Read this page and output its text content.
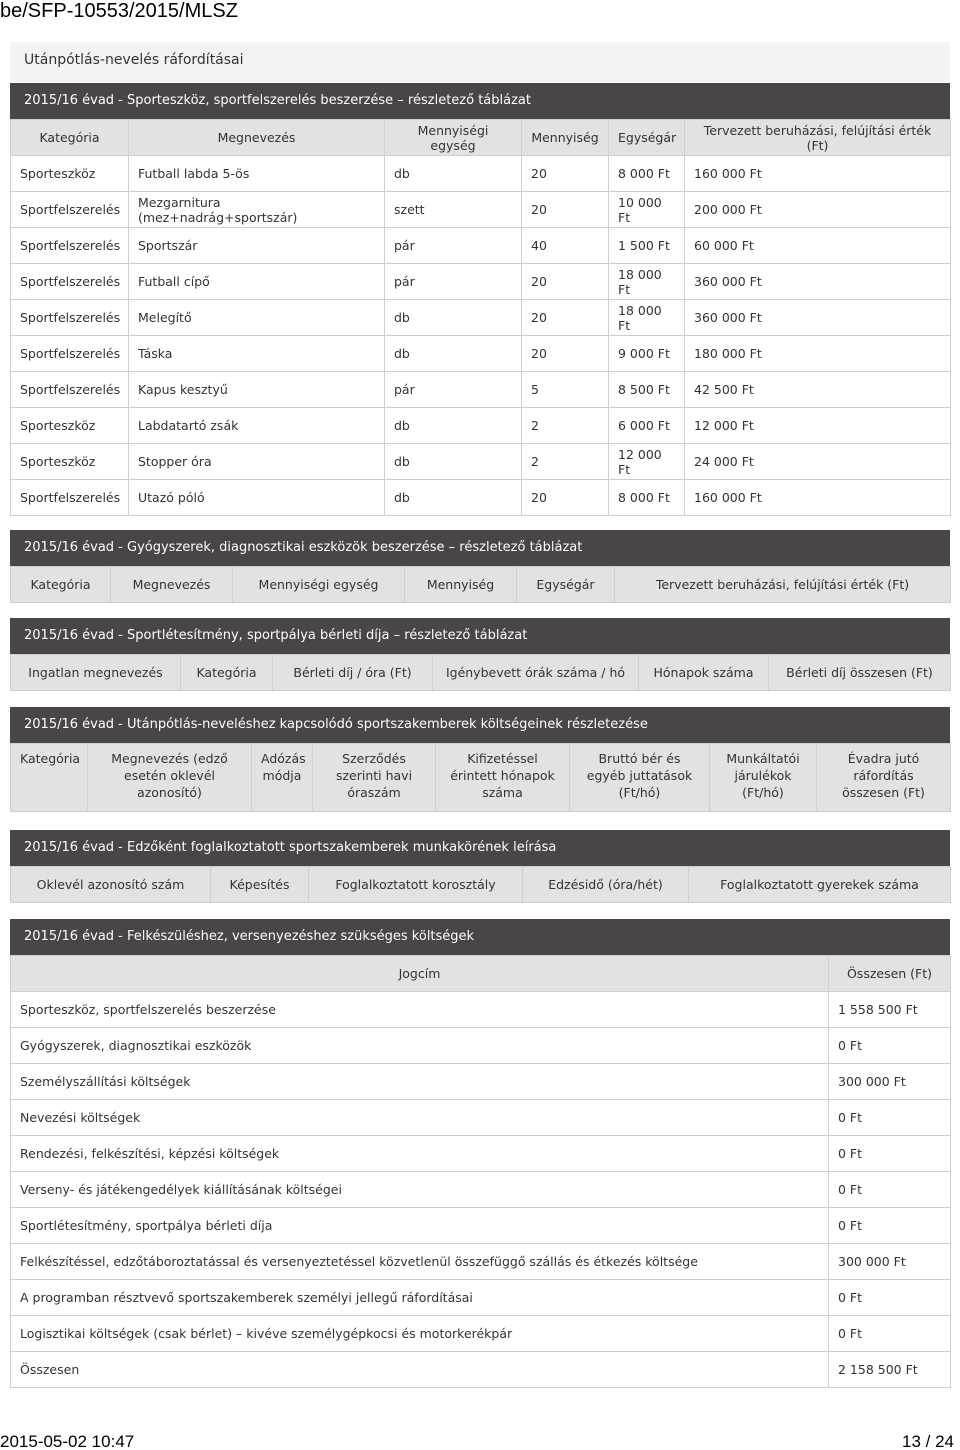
be/SFP-10553/2015/MLSZ
Utánpótlás-nevelés ráfordításai
2015/16 évad - Sporteszköz, sportfelszerelés beszerzése – részletező táblázat
Kategória	Megnevezés	Mennyiségi egység	Mennyiség	Egységár	Tervezett beruházási, felújítási érték (Ft)
Sporteszköz	Futball labda 5-ös	db	20	8 000 Ft	160 000 Ft
Sportfelszerelés	Mezgarnitura (mez+nadrág+sportszár)	szett	20	10 000 Ft	200 000 Ft
Sportfelszerelés	Sportszár	pár	40	1 500 Ft	60 000 Ft
Sportfelszerelés	Futball cípő	pár	20	18 000 Ft	360 000 Ft
Sportfelszerelés	Melegítő	db	20	18 000 Ft	360 000 Ft
Sportfelszerelés	Táska	db	20	9 000 Ft	180 000 Ft
Sportfelszerelés	Kapus kesztyű	pár	5	8 500 Ft	42 500 Ft
Sporteszköz	Labdatartó zsák	db	2	6 000 Ft	12 000 Ft
Sporteszköz	Stopper óra	db	2	12 000 Ft	24 000 Ft
Sportfelszerelés	Utazó póló	db	20	8 000 Ft	160 000 Ft
2015/16 évad - Gyógyszerek, diagnosztikai eszközök beszerzése – részletező táblázat
Kategória	Megnevezés	Mennyiségi egység	Mennyiség	Egységár	Tervezett beruházási, felújítási érték (Ft)
2015/16 évad - Sportlétesítmény, sportpálya bérleti díja – részletező táblázat
Ingatlan megnevezés	Kategória	Bérleti díj / óra (Ft)	Igénybevett órák száma / hó	Hónapok száma	Bérleti díj összesen (Ft)
2015/16 évad - Utánpótlás-neveléshez kapcsolódó sportszakemberek költségeinek részletezése
Kategória	Megnevezés (edző esetén oklevél azonosító)	Adózás módja	Szerződés szerinti havi óraszám	Kifizetéssel érintett hónapok száma	Bruttó bér és egyéb juttatások (Ft/hó)	Munkáltatói járulékok (Ft/hó)	Évadra jutó ráfordítás összesen (Ft)
2015/16 évad - Edzőként foglalkoztatott sportszakemberek munkakörének leírása
Oklevél azonosító szám	Képesítés	Foglalkoztatott korosztály	Edzésidő (óra/hét)	Foglalkoztatott gyerekek száma
2015/16 évad - Felkészüléshez, versenyezéshez szükséges költségek
Jogcím	Összesen (Ft)
Sporteszköz, sportfelszerelés beszerzése	1 558 500 Ft
Gyógyszerek, diagnosztikai eszközök	0 Ft
Személyszállítási költségek	300 000 Ft
Nevezési költségek	0 Ft
Rendezési, felkészítési, képzési költségek	0 Ft
Verseny- és játékengedélyek kiállításának költségei	0 Ft
Sportlétesítmény, sportpálya bérleti díja	0 Ft
Felkészítéssel, edzőtáboroztatással és versenyeztetéssel közvetlenül összefüggő szállás és étkezés költsége	300 000 Ft
A programban résztvevő sportszakemberek személyi jellegű ráfordításai	0 Ft
Logisztikai költségek (csak bérlet) – kivéve személygépkocsi és motorkerékpár	0 Ft
Összesen	2 158 500 Ft
2015-05-02 10:47	13 / 24
